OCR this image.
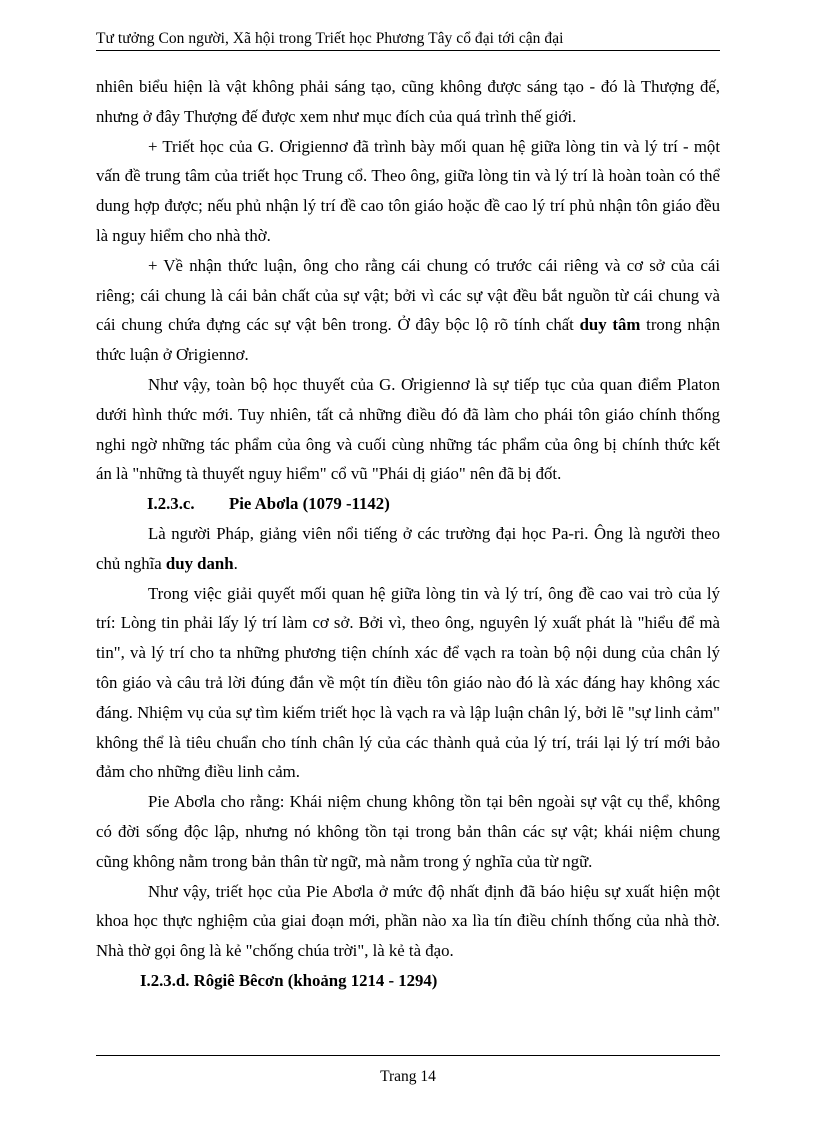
Tư tưởng Con người, Xã hội trong Triết học Phương Tây cổ đại tới cận đại

nhiên biểu hiện là vật không phải sáng tạo, cũng không được sáng tạo - đó là Thượng đế, nhưng ở đây Thượng đế được xem như mục đích của quá trình thế giới.

+ Triết học của G. Ơrigiennơ đã trình bày mối quan hệ giữa lòng tin và lý trí - một vấn đề trung tâm của triết học Trung cổ. Theo ông, giữa lòng tin và lý trí là hoàn toàn có thể dung hợp được; nếu phủ nhận lý trí đề cao tôn giáo hoặc đề cao lý trí phủ nhận tôn giáo đều là nguy hiểm cho nhà thờ.

+ Về nhận thức luận, ông cho rằng cái chung có trước cái riêng và cơ sở của cái riêng; cái chung là cái bản chất của sự vật; bởi vì các sự vật đều bắt nguồn từ cái chung và cái chung chứa đựng các sự vật bên trong. Ở đây bộc lộ rõ tính chất duy tâm trong nhận thức luận ở Ơrigiennơ.

Như vậy, toàn bộ học thuyết của G. Ơrigiennơ là sự tiếp tục của quan điểm Platon dưới hình thức mới. Tuy nhiên, tất cả những điều đó đã làm cho phái tôn giáo chính thống nghi ngờ những tác phẩm của ông và cuối cùng những tác phẩm của ông bị chính thức kết án là "những tà thuyết nguy hiểm" cổ vũ "Phái dị giáo" nên đã bị đốt.

I.2.3.c. Pie Abơla (1079 -1142)

Là người Pháp, giảng viên nổi tiếng ở các trường đại học Pa-ri. Ông là người theo chủ nghĩa duy danh.

Trong việc giải quyết mối quan hệ giữa lòng tin và lý trí, ông đề cao vai trò của lý trí: Lòng tin phải lấy lý trí làm cơ sở. Bởi vì, theo ông, nguyên lý xuất phát là "hiểu để mà tin", và lý trí cho ta những phương tiện chính xác để vạch ra toàn bộ nội dung của chân lý tôn giáo và câu trả lời đúng đắn về một tín điều tôn giáo nào đó là xác đáng hay không xác đáng. Nhiệm vụ của sự tìm kiếm triết học là vạch ra và lập luận chân lý, bởi lẽ "sự linh cảm" không thể là tiêu chuẩn cho tính chân lý của các thành quả của lý trí, trái lại lý trí mới bảo đảm cho những điều linh cảm.

Pie Abơla cho rằng: Khái niệm chung không tồn tại bên ngoài sự vật cụ thể, không có đời sống độc lập, nhưng nó không tồn tại trong bản thân các sự vật; khái niệm chung cũng không nằm trong bản thân từ ngữ, mà nằm trong ý nghĩa của từ ngữ.

Như vậy, triết học của Pie Abơla ở mức độ nhất định đã báo hiệu sự xuất hiện một khoa học thực nghiệm của giai đoạn mới, phần nào xa lìa tín điều chính thống của nhà thờ. Nhà thờ gọi ông là kẻ "chống chúa trời", là kẻ tà đạo.

I.2.3.d. Rôgiê Bêcơn (khoảng 1214 - 1294)

Trang 14
